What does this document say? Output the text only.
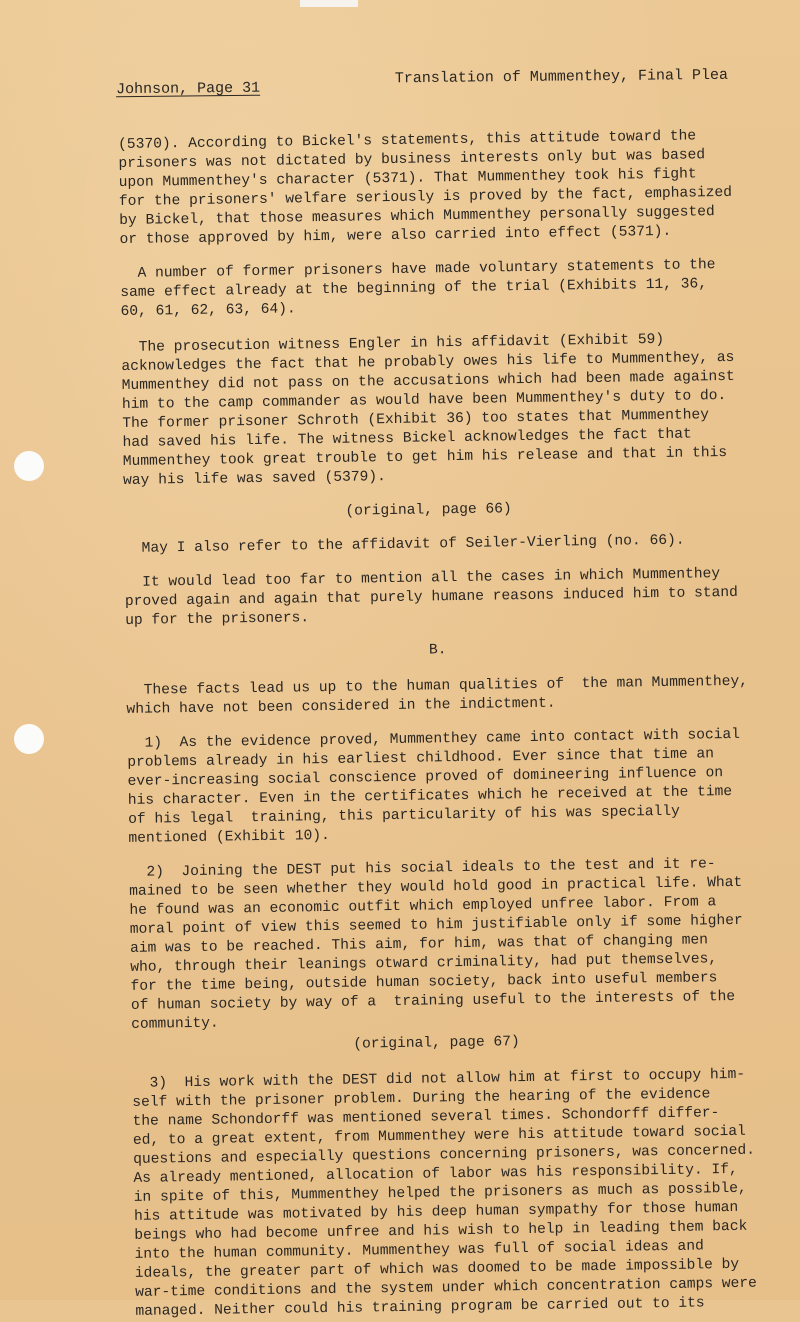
Johnson, Page 31
Translation of Mummenthey, Final Plea

(5370). According to Bickel's statements, this attitude toward the
prisoners was not dictated by business interests only but was based
upon Mummenthey's character (5371). That Mummenthey took his fight
for the prisoners' welfare seriously is proved by the fact, emphasized
by Bickel, that those measures which Mummenthey personally suggested
or those approved by him, were also carried into effect (5371).

A number of former prisoners have made voluntary statements to the
same effect already at the beginning of the trial (Exhibits 11, 36,
60, 61, 62, 63, 64).

The prosecution witness Engler in his affidavit (Exhibit 59)
acknowledges the fact that he probably owes his life to Mummenthey, as
Mummenthey did not pass on the accusations which had been made against
him to the camp commander as would have been Mummenthey's duty to do.
The former prisoner Schroth (Exhibit 36) too states that Mummenthey
had saved his life. The witness Bickel acknowledges the fact that
Mummenthey took great trouble to get him his release and that in this
way his life was saved (5379).

(original, page 66)

May I also refer to the affidavit of Seiler-Vierling (no. 66).

It would lead too far to mention all the cases in which Mummenthey
proved again and again that purely humane reasons induced him to stand
up for the prisoners.

B.

These facts lead us up to the human qualities of  the man Mummenthey,
which have not been considered in the indictment.

1)  As the evidence proved, Mummenthey came into contact with social
problems already in his earliest childhood. Ever since that time an
ever-increasing social conscience proved of domineering influence on
his character. Even in the certificates which he received at the time
of his legal  training, this particularity of his was specially
mentioned (Exhibit 10).

2)  Joining the DEST put his social ideals to the test and it re-
mained to be seen whether they would hold good in practical life. What
he found was an economic outfit which employed unfree labor. From a
moral point of view this seemed to him justifiable only if some higher
aim was to be reached. This aim, for him, was that of changing men
who, through their leanings otward criminality, had put themselves,
for the time being, outside human society, back into useful members
of human society by way of a  training useful to the interests of the
community.

(original, page 67)

3)  His work with the DEST did not allow him at first to occupy him-
self with the prisoner problem. During the hearing of the evidence
the name Schondorff was mentioned several times. Schondorff differ-
ed, to a great extent, from Mummenthey were his attitude toward social
questions and especially questions concerning prisoners, was concerned.
As already mentioned, allocation of labor was his responsibility. If,
in spite of this, Mummenthey helped the prisoners as much as possible,
his attitude was motivated by his deep human sympathy for those human
beings who had become unfree and his wish to help in leading them back
into the human community. Mummenthey was full of social ideas and
ideals, the greater part of which was doomed to be made impossible by
war-time conditions and the system under which concentration camps were
managed. Neither could his training program be carried out to its
